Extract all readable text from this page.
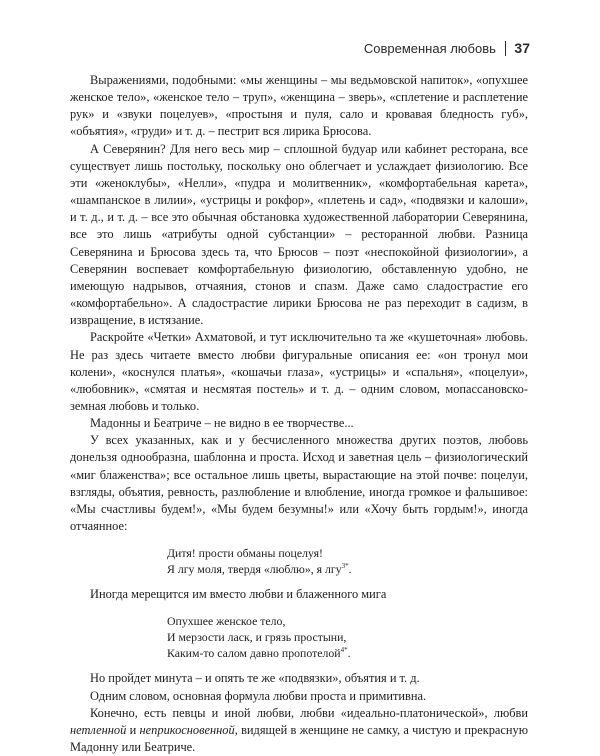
Современная любовь 37

Выражениями, подобными: «мы женщины – мы ведьмовской напиток», «опухшее женское тело», «женское тело – труп», «женщина – зверь», «сплетение и расплетение рук» и «звуки поцелуев», «простыня и пуля, сало и кровавая бледность губ», «объятия», «груди» и т. д. – пестрит вся лирика Брюсова.

А Северянин? Для него весь мир – сплошной будуар или кабинет ресторана, все существует лишь постольку, поскольку оно облегчает и услаждает физиологию. Все эти «женоклубы», «Нелли», «пудра и молитвенник», «комфортабельная карета», «шампанское в лилии», «устрицы и рокфор», «плетень и сад», «подвязки и калоши», и т. д., и т. д. – все это обычная обстановка художественной лаборатории Северянина, все это лишь «атрибуты одной субстанции» – ресторанной любви. Разница Северянина и Брюсова здесь та, что Брюсов – поэт «неспокойной физиологии», а Северянин воспевает комфортабельную физиологию, обставленную удобно, не имеющую надрывов, отчаяния, стонов и спазм. Даже само сладострастие его «комфортабельно». А сладострастие лирики Брюсова не раз переходит в садизм, в извращение, в истязание.

Раскройте «Четки» Ахматовой, и тут исключительно та же «кушеточная» любовь. Не раз здесь читаете вместо любви фигуральные описания ее: «он тронул мои колени», «коснулся платья», «кошачьи глаза», «устрицы» и «спальня», «поцелуи», «любовник», «смятая и несмятая постель» и т. д. – одним словом, мопассановско-земная любовь и только.

Мадонны и Беатриче – не видно в ее творчестве...

У всех указанных, как и у бесчисленного множества других поэтов, любовь донельзя однообразна, шаблонна и проста. Исход и заветная цель – физиологический «миг блаженства»; все остальное лишь цветы, вырастающие на этой почве: поцелуи, взгляды, объятия, ревность, разлюбление и влюбление, иногда громкое и фальшивое: «Мы счастливы будем!», «Мы будем безумны!» или «Хочу быть гордым!», иногда отчаянное:

Дитя! прости обманы поцелуя!
Я лгу моля, твердя «люблю», я лгу$^{3*}$.

Иногда мерещится им вместо любви и блаженного мига

Опухшее женское тело,
И мерзости ласк, и грязь простыни,
Каким-то салом давно пропотелой$^{4*}$.

Но пройдет минута – и опять те же «подвязки», объятия и т. д.

Одним словом, основная формула любви проста и примитивна.

Конечно, есть певцы и иной любви, любви «идеально-платонической», любви нетленной и неприкосновенной, видящей в женщине не самку, а чистую и прекрасную Мадонну или Беатриче.
